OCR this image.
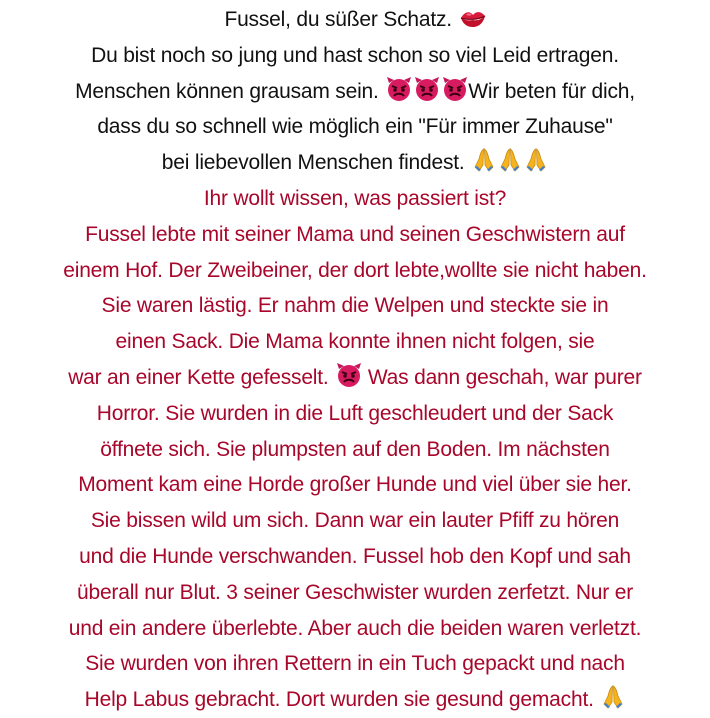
Fussel, du süßer Schatz.
Du bist noch so jung und hast schon so viel Leid ertragen.
Menschen können grausam sein.	Wir beten für dich,
dass du so schnell wie möglich ein "Für immer Zuhause"
bei liebevollen Menschen findest.
Ihr wollt wissen, was passiert ist?
Fussel lebte mit seiner Mama und seinen Geschwistern auf
einem Hof. Der Zweibeiner, der dort lebte,wollte sie nicht haben.
Sie waren lästig. Er nahm die Welpen und steckte sie in
einen Sack. Die Mama konnte ihnen nicht folgen, sie
war an einer Kette gefesselt. Was dann geschah, war purer
Horror. Sie wurden in die Luft geschleudert und der Sack
öffnete sich. Sie plumpsten auf den Boden. Im nächsten
Moment kam eine Horde großer Hunde und viel über sie her.
Sie bissen wild um sich. Dann war ein lauter Pfiff zu hören
und die Hunde verschwanden. Fussel hob den Kopf und sah
überall nur Blut. 3 seiner Geschwister wurden zerfetzt. Nur er
und ein andere überlebte. Aber auch die beiden waren verletzt.
Sie wurden von ihren Rettern in ein Tuch gepackt und nach
Help Labus gebracht. Dort wurden sie gesund gemacht.
